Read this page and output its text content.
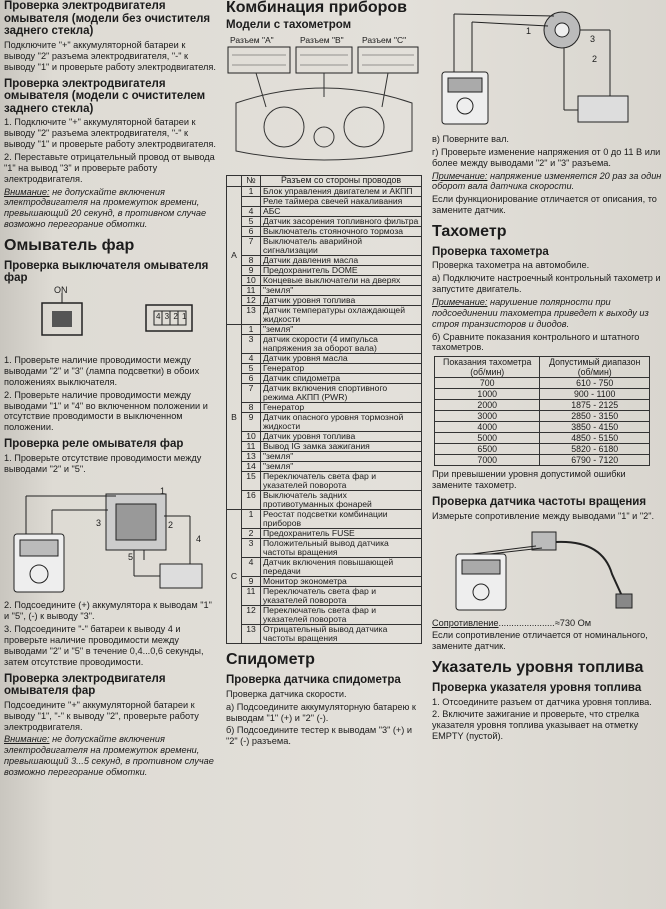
Проверка электродвигателя омывателя (модели без очистителя заднего стекла)

Подключите "+" аккумуляторной батареи к выводу "2" разъема электродвигателя, "-" к выводу "1" и проверьте работу электродвигателя.

Проверка электродвигателя омывателя (модели с очистителем заднего стекла)
1. Подключите "+" аккумуляторной батареи к выводу "2" разъема электродвигателя, "-" к выводу "1" и проверьте работу электродвигателя.
2. Переставьте отрицательный провод от вывода "1" на вывод "3" и проверьте работу электродвигателя.

Внимание: не допускайте включения электродвигателя на промежуток времени, превышающий 20 секунд, в противном случае возможно перегорание обмотки.

Омыватель фар
Проверка выключателя омывателя фар
ON
4 3 2 1
1. Проверьте наличие проводимости между выводами "2" и "3" (лампа подсветки) в обоих положениях выключателя.
2. Проверьте наличие проводимости между выводами "1" и "4" во включенном положении и отсутствие проводимости в выключенном положении.
Проверка реле омывателя фар

1. Проверьте отсутствие проводимости между выводами "2" и "5".

1
2
3
4
5
2. Подсоедините (+) аккумулятора к выводам "1" и "5", (-) к выводу "3".
3. Подсоедините "-" батареи к выводу 4 и проверьте наличие проводимости между выводами "2" и "5" в течение 0,4...0,6 секунды, затем отсутствие проводимости.
Проверка электродвигателя омывателя фар

Подсоедините "+" аккумуляторной батареи к выводу "1", "-" к выводу "2", проверьте работу электродвигателя.

Внимание: не допускайте включения электродвигателя на промежуток времени, превышающий 3...5 секунд, в противном случае возможно перегорание обмотки.

Комбинация приборов
Модели с тахометром
Разъем "A"	Разъем "B" Разъем "C"
	№	Разъем со стороны проводов
A	1	Блок управления двигателем и АКПП
		Реле таймера свечей накаливания
	4	АБС
	5	Датчик засорения топливного фильтра
	6	Выключатель стояночного тормоза
	7	Выключатель аварийной сигнализации
	8	Датчик давления масла
	9	Предохранитель DOME
	10	Концевые выключатели на дверях
	11	"земля"
	12	Датчик уровня топлива
	13	Датчик температуры охлаждающей жидкости
B	1	"земля"
	3	датчик скорости (4 импульса напряжения за оборот вала)
	4	Датчик уровня масла
	5	Генератор
	6	Датчик спидометра
	7	Датчик включения спортивного режима АКПП (PWR)
	8	Генератор
	9	Датчик опасного уровня тормозной жидкости
	10	Датчик уровня топлива
	11	Вывод IG замка зажигания
	13	"земля"
	14	"земля"
	15	Переключатель света фар и указателей поворота
	16	Выключатель задних противотуманных фонарей
C	1	Реостат подсветки комбинации приборов
	2	Предохранитель FUSE
	3	Положительный вывод датчика частоты вращения
	4	Датчик включения повышающей передачи
	9	Монитор эконометра
	11	Переключатель света фар и указателей поворота
	12	Переключатель света фар и указателей поворота
	13	Отрицательный вывод датчика частоты вращения
Спидометр
Проверка датчика спидометра

Проверка датчика скорости.

а) Подсоедините аккумуляторную батарею к выводам "1" (+) и "2" (-).

б) Подсоедините тестер к выводам "3" (+) и "2" (-) разъема.

1
3
2

в) Поверните вал.

г) Проверьте изменение напряжения от 0 до 11 В или более между выводами "2" и "3" разъема.

Примечание: напряжение изменяется 20 раз за один оборот вала датчика скорости.

Если функционирование отличается от описания, то замените датчик.

Тахометр
Проверка тахометра

Проверка тахометра на автомобиле.

а) Подключите настроечный контрольный тахометр и запустите двигатель.

Примечание: нарушение полярности при подсоединении тахометра приведет к выходу из строя транзисторов и диодов.

б) Сравните показания контрольного и штатного тахометров.

Показания тахометра (об/мин)	Допустимый диапазон (об/мин)
700	610 - 750
1000	900 - 1100
2000	1875 - 2125
3000	2850 - 3150
4000	3850 - 4150
5000	4850 - 5150
6500	5820 - 6180
7000	6790 - 7120

При превышении уровня допустимой ошибки замените тахометр.

Проверка датчика частоты вращения

Измерьте сопротивление между выводами "1" и "2".

Сопротивление......................≈730 Ом

Если сопротивление отличается от номинального, замените датчик.

Указатель уровня топлива
Проверка указателя уровня топлива

1. Отсоедините разъем от датчика уровня топлива.

2. Включите зажигание и проверьте, что стрелка указателя уровня топлива указывает на отметку EMPTY (пустой).
